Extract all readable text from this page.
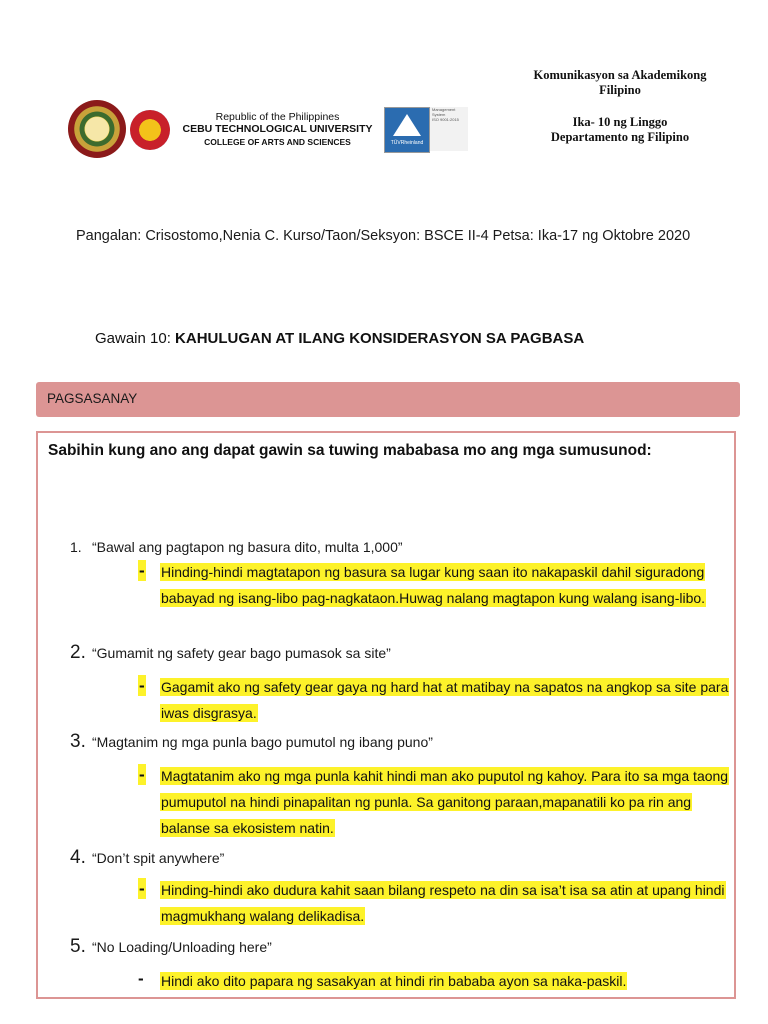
Komunikasyon sa Akademikong
Filipino
Ika- 10 ng Linggo
Departamento ng Filipino
Republic of the Philippines
CEBU TECHNOLOGICAL UNIVERSITY
COLLEGE OF ARTS AND SCIENCES	TÜVRheinland
Management
System
ISO 9001:2015
Pangalan: Crisostomo,Nenia C. Kurso/Taon/Seksyon: BSCE II-4 Petsa: Ika-17 ng Oktobre 2020
Gawain 10: KAHULUGAN AT ILANG KONSIDERASYON SA PAGBASA
PAGSASANAY
Sabihin kung ano ang dapat gawin sa tuwing mababasa mo ang mga sumusunod:
1. “Bawal ang pagtapon ng basura dito, multa 1,000”
- Hinding-hindi magtatapon ng basura sa lugar kung saan ito nakapaskil dahil siguradong babayad ng isang-libo pag-nagkataon.Huwag nalang magtapon kung walang isang-libo.
2. “Gumamit ng safety gear bago pumasok sa site”
- Gagamit ako ng safety gear gaya ng hard hat at matibay na sapatos na angkop sa site para iwas disgrasya.
3. “Magtanim ng mga punla bago pumutol ng ibang puno”
- Magtatanim ako ng mga punla kahit hindi man ako puputol ng kahoy. Para ito sa mga taong pumuputol na hindi pinapalitan ng punla. Sa ganitong paraan,mapanatili ko pa rin ang balanse sa ekosistem natin.
4. “Don’t spit anywhere”
- Hinding-hindi ako dudura kahit saan bilang respeto na din sa isa’t isa sa atin at upang hindi magmukhang walang delikadisa.
5. “No Loading/Unloading here”
- Hindi ako dito papara ng sasakyan at hindi rin bababa ayon sa naka-paskil.
